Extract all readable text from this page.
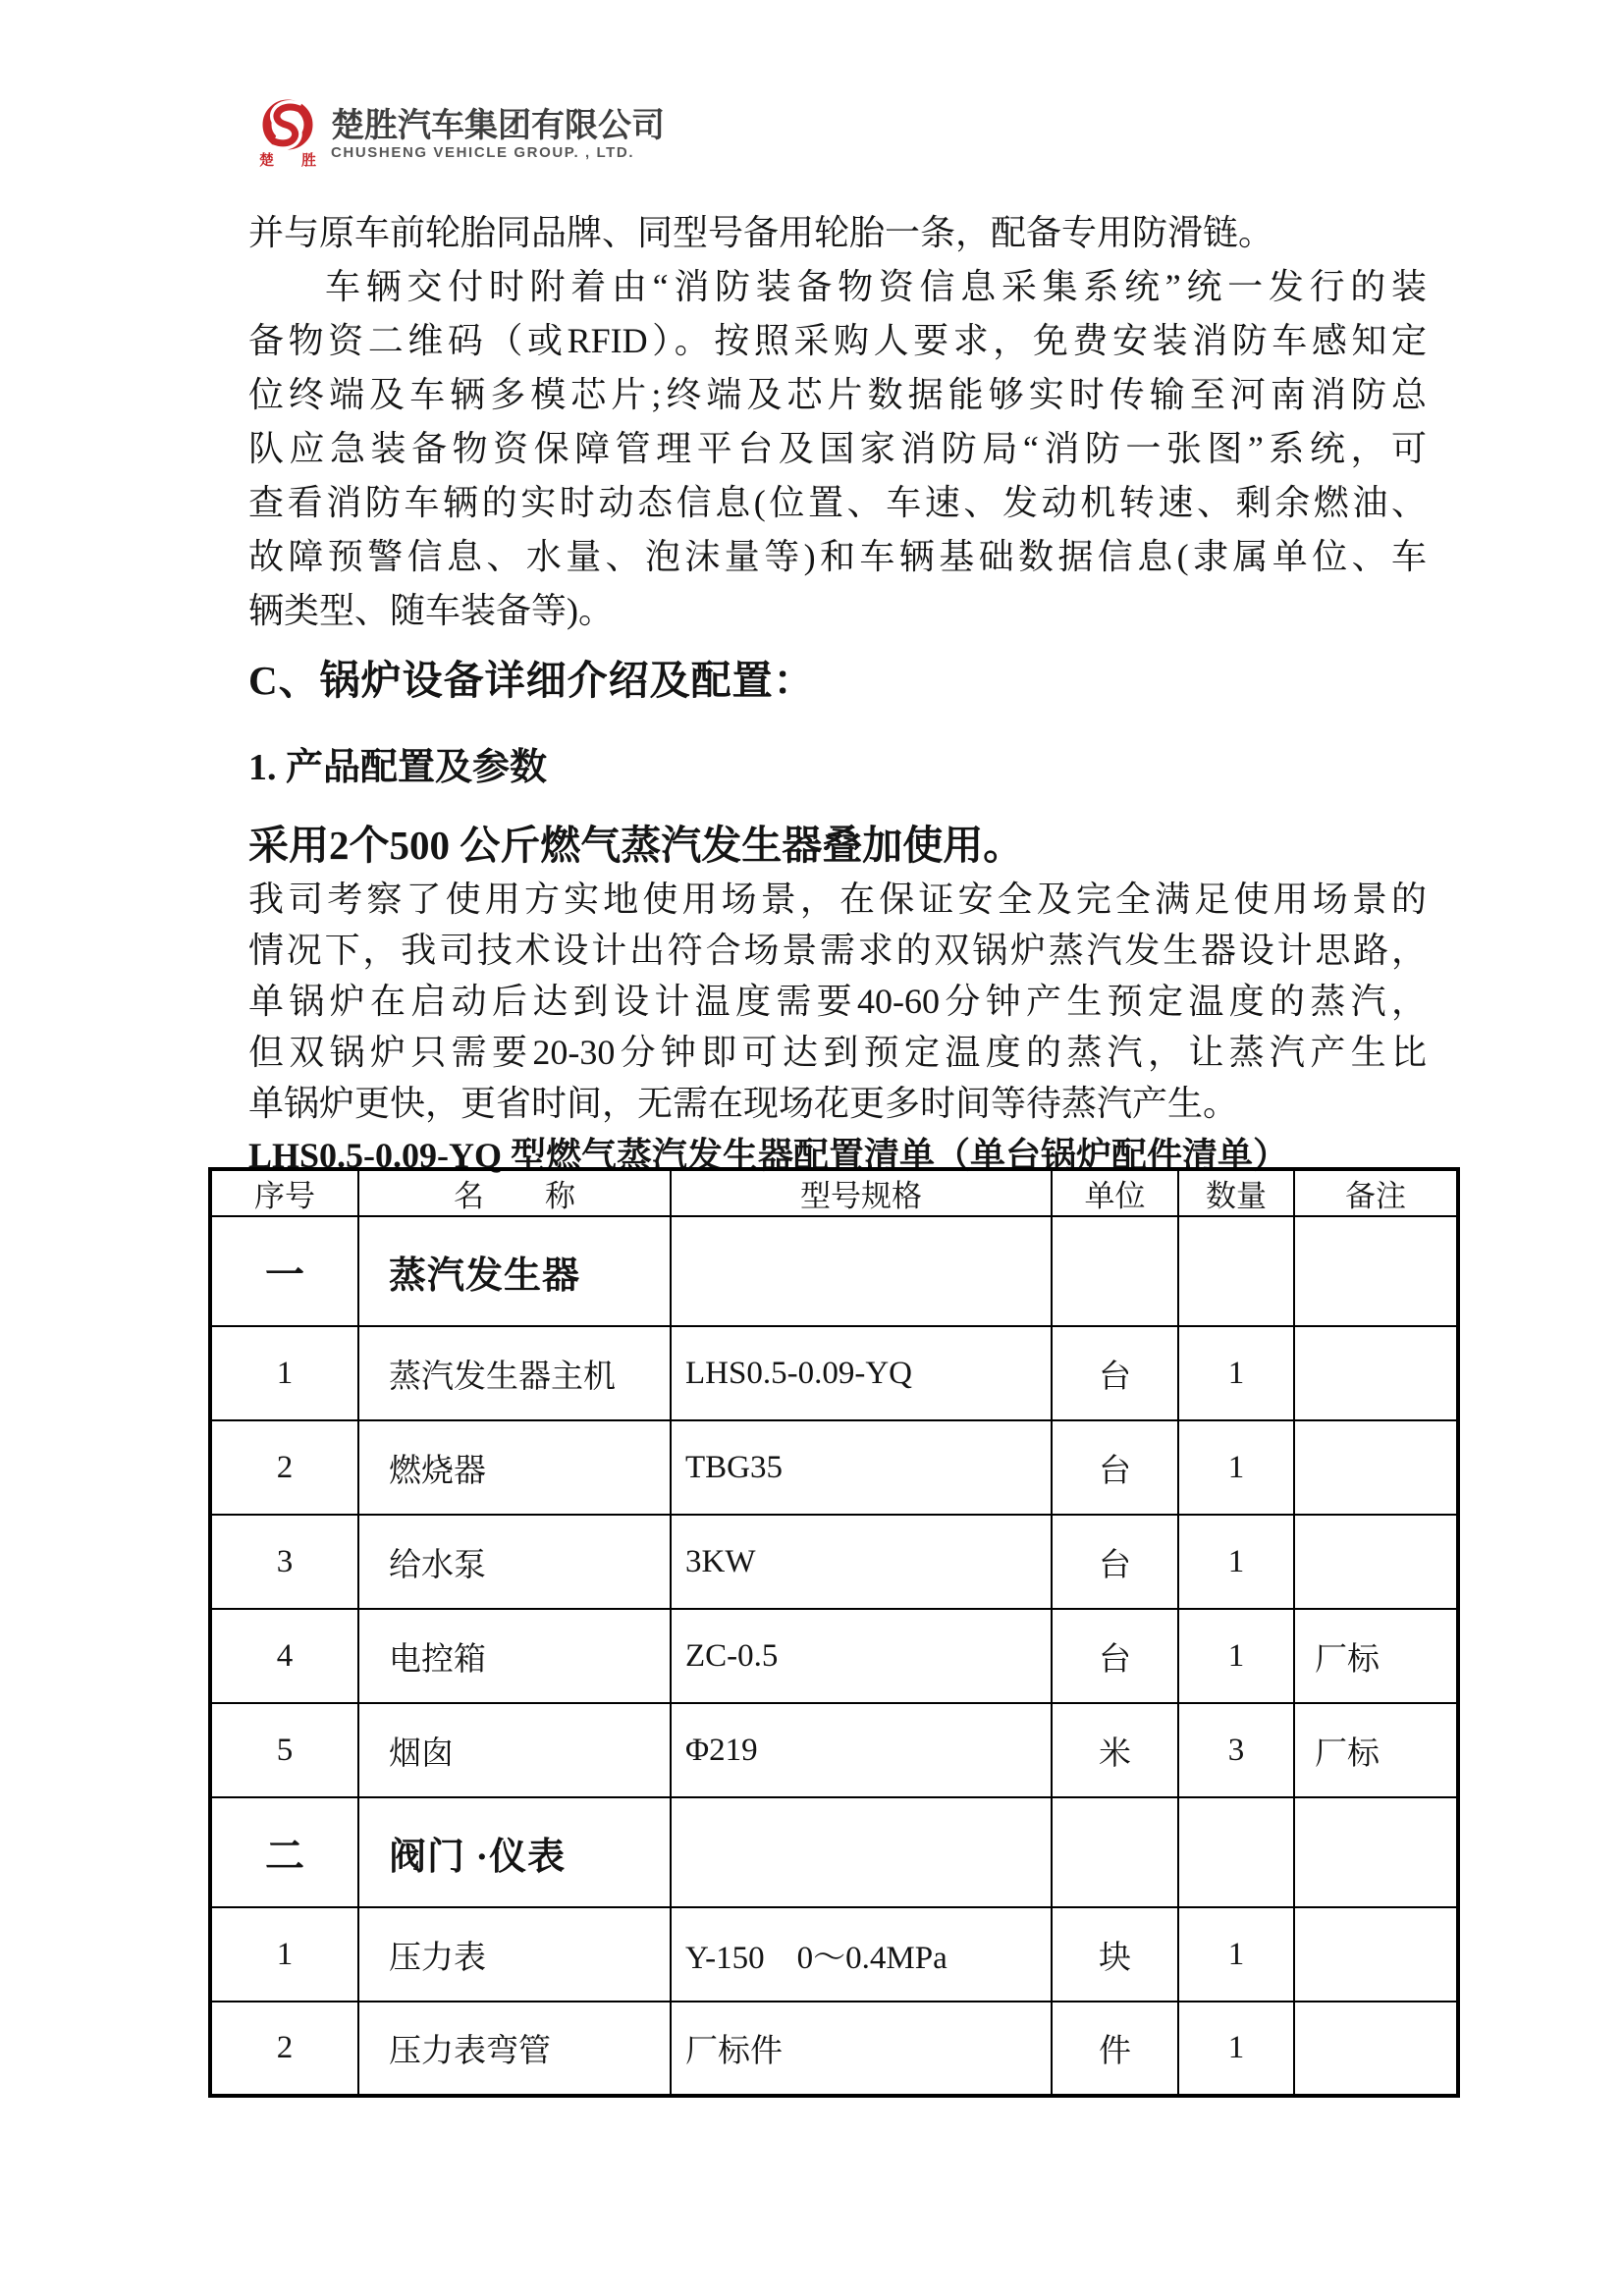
楚 胜
楚胜汽车集团有限公司
CHUSHENG VEHICLE GROUP. , LTD.
并与原车前轮胎同品牌、同型号备用轮胎一条，配备专用防滑链。
车辆交付时附着由“消防装备物资信息采集系统”统一发行的装
备物资二维码（或RFID）。按照采购人要求，免费安装消防车感知定
位终端及车辆多模芯片;终端及芯片数据能够实时传输至河南消防总
队应急装备物资保障管理平台及国家消防局“消防一张图”系统，可
查看消防车辆的实时动态信息(位置、车速、发动机转速、剩余燃油、
故障预警信息、水量、泡沫量等)和车辆基础数据信息(隶属单位、车
辆类型、随车装备等)。
C、锅炉设备详细介绍及配置：
1. 产品配置及参数
采用2个500 公斤燃气蒸汽发生器叠加使用。
我司考察了使用方实地使用场景，在保证安全及完全满足使用场景的
情况下，我司技术设计出符合场景需求的双锅炉蒸汽发生器设计思路，
单锅炉在启动后达到设计温度需要40-60分钟产生预定温度的蒸汽，
但双锅炉只需要20-30分钟即可达到预定温度的蒸汽，让蒸汽产生比
单锅炉更快，更省时间，无需在现场花更多时间等待蒸汽产生。
LHS0.5-0.09-YQ 型燃气蒸汽发生器配置清单（单台锅炉配件清单）
序号	名　　称	型号规格	单位	数量	备注
一	蒸汽发生器				
1	蒸汽发生器主机	LHS0.5-0.09-YQ	台	1	
2	燃烧器	TBG35	台	1	
3	给水泵	3KW	台	1	
4	电控箱	ZC-0.5	台	1	厂标
5	烟囱	Φ219	米	3	厂标
二	阀门 ·仪表				
1	压力表	Y-150    0～0.4MPa	块	1	
2	压力表弯管	厂标件	件	1	
